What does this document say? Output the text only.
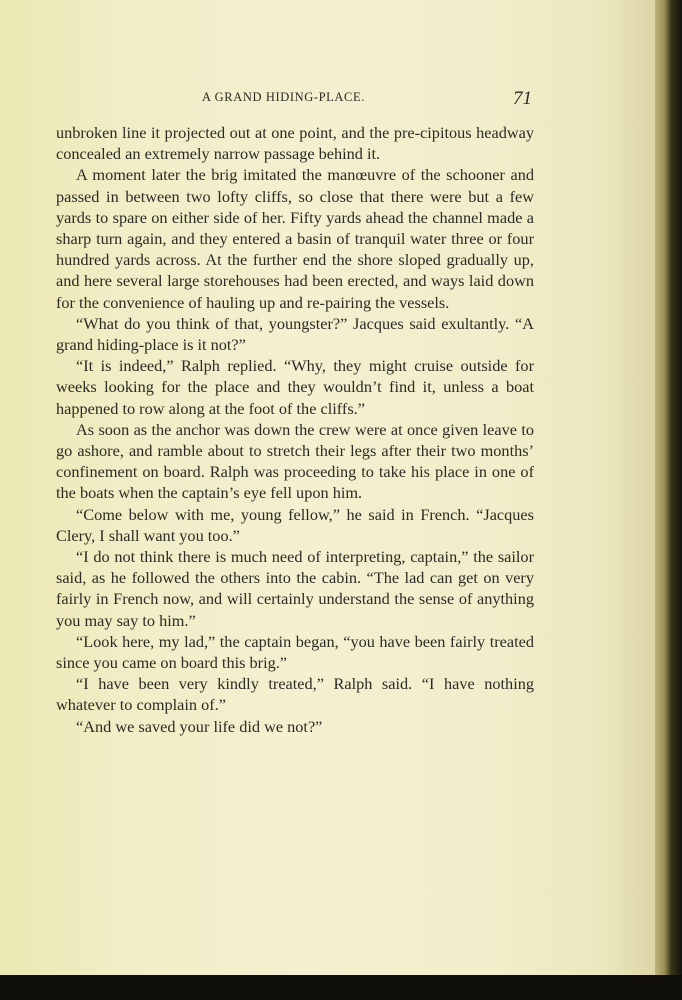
A GRAND HIDING-PLACE.	71

unbroken line it projected out at one point, and the pre-cipitous headway concealed an extremely narrow passage behind it.

A moment later the brig imitated the manœuvre of the schooner and passed in between two lofty cliffs, so close that there were but a few yards to spare on either side of her. Fifty yards ahead the channel made a sharp turn again, and they entered a basin of tranquil water three or four hundred yards across. At the further end the shore sloped gradually up, and here several large storehouses had been erected, and ways laid down for the convenience of hauling up and re-pairing the vessels.

“What do you think of that, youngster?” Jacques said exultantly. “A grand hiding-place is it not?”

“It is indeed,” Ralph replied. “Why, they might cruise outside for weeks looking for the place and they wouldn’t find it, unless a boat happened to row along at the foot of the cliffs.”

As soon as the anchor was down the crew were at once given leave to go ashore, and ramble about to stretch their legs after their two months’ confinement on board. Ralph was proceeding to take his place in one of the boats when the captain’s eye fell upon him.

“Come below with me, young fellow,” he said in French. “Jacques Clery, I shall want you too.”

“I do not think there is much need of interpreting, captain,” the sailor said, as he followed the others into the cabin. “The lad can get on very fairly in French now, and will certainly understand the sense of anything you may say to him.”

“Look here, my lad,” the captain began, “you have been fairly treated since you came on board this brig.”

“I have been very kindly treated,” Ralph said. “I have nothing whatever to complain of.”

“And we saved your life did we not?”
